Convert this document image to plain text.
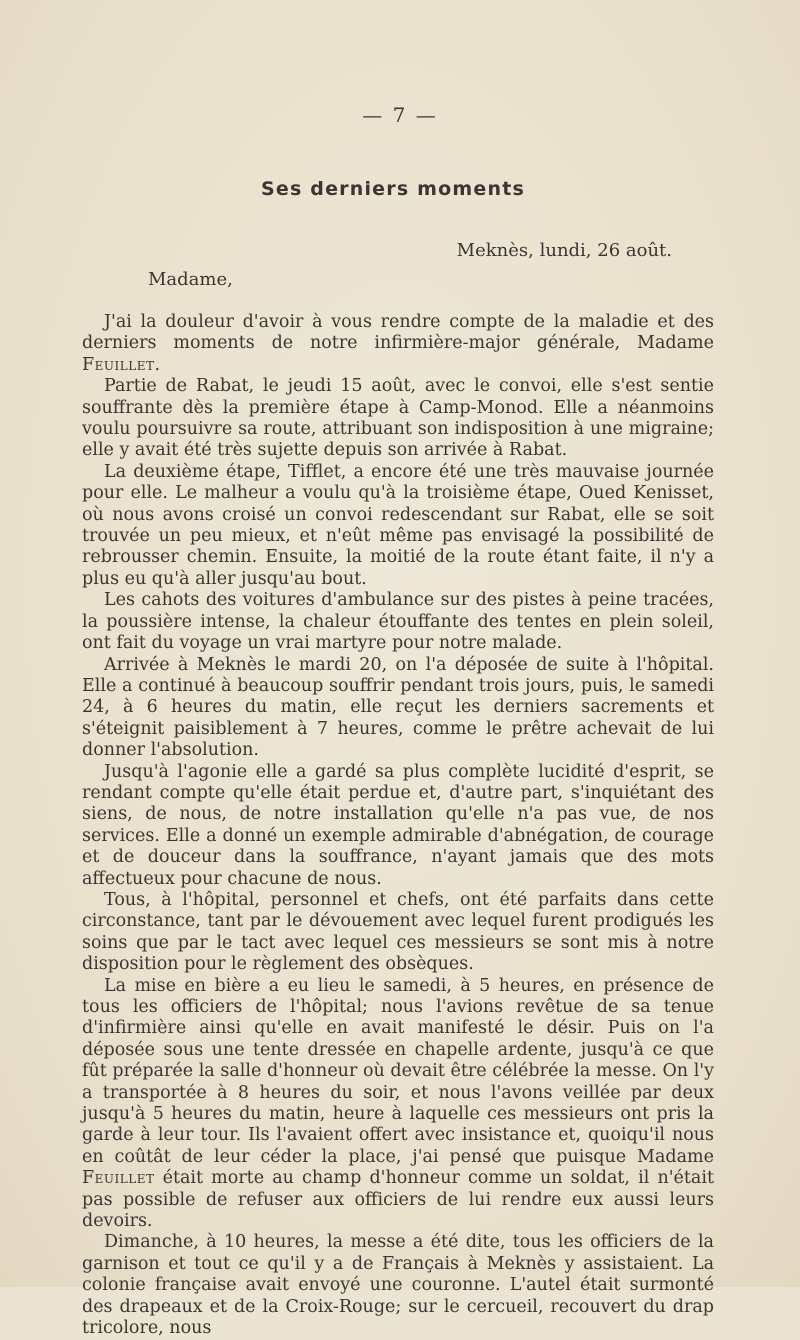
— 7 —
Ses derniers moments
Meknès, lundi, 26 août.
Madame,

J'ai la douleur d'avoir à vous rendre compte de la maladie et des derniers moments de notre infirmière-major générale, Madame Feuillet.

Partie de Rabat, le jeudi 15 août, avec le convoi, elle s'est sentie souffrante dès la première étape à Camp-Monod. Elle a néanmoins voulu poursuivre sa route, attribuant son indisposition à une migraine; elle y avait été très sujette depuis son arrivée à Rabat.

La deuxième étape, Tifflet, a encore été une très mauvaise journée pour elle. Le malheur a voulu qu'à la troisième étape, Oued Kenisset, où nous avons croisé un convoi redescendant sur Rabat, elle se soit trouvée un peu mieux, et n'eût même pas envisagé la possibilité de rebrousser chemin. Ensuite, la moitié de la route étant faite, il n'y a plus eu qu'à aller jusqu'au bout.

Les cahots des voitures d'ambulance sur des pistes à peine tracées, la poussière intense, la chaleur étouffante des tentes en plein soleil, ont fait du voyage un vrai martyre pour notre malade.

Arrivée à Meknès le mardi 20, on l'a déposée de suite à l'hôpital. Elle a continué à beaucoup souffrir pendant trois jours, puis, le samedi 24, à 6 heures du matin, elle reçut les derniers sacrements et s'éteignit paisiblement à 7 heures, comme le prêtre achevait de lui donner l'absolution.

Jusqu'à l'agonie elle a gardé sa plus complète lucidité d'esprit, se rendant compte qu'elle était perdue et, d'autre part, s'inquiétant des siens, de nous, de notre installation qu'elle n'a pas vue, de nos services. Elle a donné un exemple admirable d'abnégation, de courage et de douceur dans la souffrance, n'ayant jamais que des mots affectueux pour chacune de nous.

Tous, à l'hôpital, personnel et chefs, ont été parfaits dans cette circonstance, tant par le dévouement avec lequel furent prodigués les soins que par le tact avec lequel ces messieurs se sont mis à notre disposition pour le règlement des obsèques.

La mise en bière a eu lieu le samedi, à 5 heures, en présence de tous les officiers de l'hôpital; nous l'avions revêtue de sa tenue d'infirmière ainsi qu'elle en avait manifesté le désir. Puis on l'a déposée sous une tente dressée en chapelle ardente, jusqu'à ce que fût préparée la salle d'honneur où devait être célébrée la messe. On l'y a transportée à 8 heures du soir, et nous l'avons veillée par deux jusqu'à 5 heures du matin, heure à laquelle ces messieurs ont pris la garde à leur tour. Ils l'avaient offert avec insistance et, quoiqu'il nous en coûtât de leur céder la place, j'ai pensé que puisque Madame Feuillet était morte au champ d'honneur comme un soldat, il n'était pas possible de refuser aux officiers de lui rendre eux aussi leurs devoirs.

Dimanche, à 10 heures, la messe a été dite, tous les officiers de la garnison et tout ce qu'il y a de Français à Meknès y assistaient. La colonie française avait envoyé une couronne. L'autel était surmonté des drapeaux et de la Croix-Rouge; sur le cercueil, recouvert du drap tricolore, nous
